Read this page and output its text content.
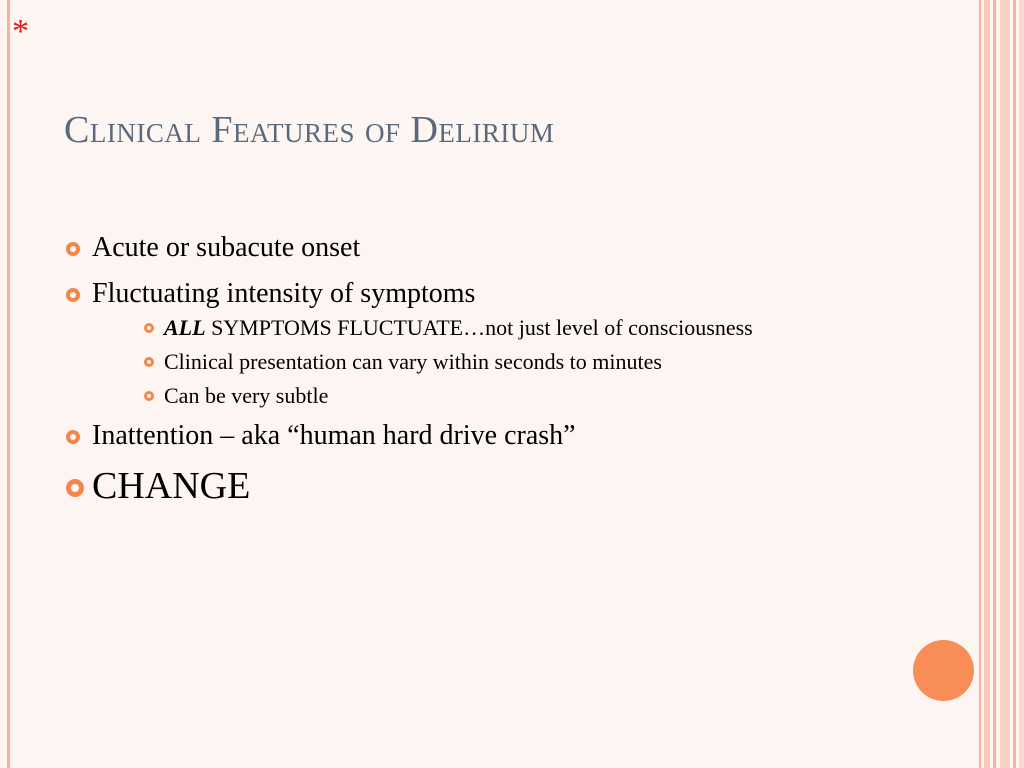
*
Clinical Features of Delirium
Acute or subacute onset
Fluctuating intensity of symptoms
ALL SYMPTOMS FLUCTUATE…not just level of consciousness
Clinical presentation can vary within seconds to minutes
Can be very subtle
Inattention – aka “human hard drive crash”
CHANGE
